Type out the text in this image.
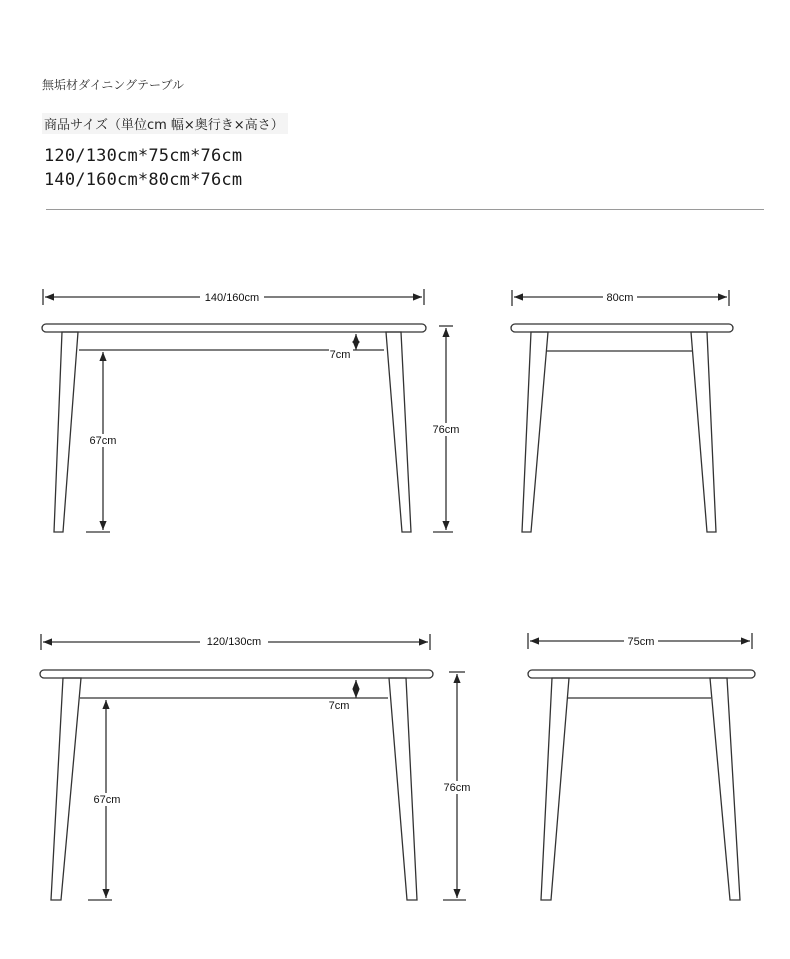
無垢材ダイニングテーブル
商品サイズ（単位cm 幅×奥行き×高さ）
120/130cm*75cm*76cm
140/160cm*80cm*76cm
140/160cm
7cm
67cm
76cm
80cm
120/130cm
7cm
67cm
76cm
75cm
